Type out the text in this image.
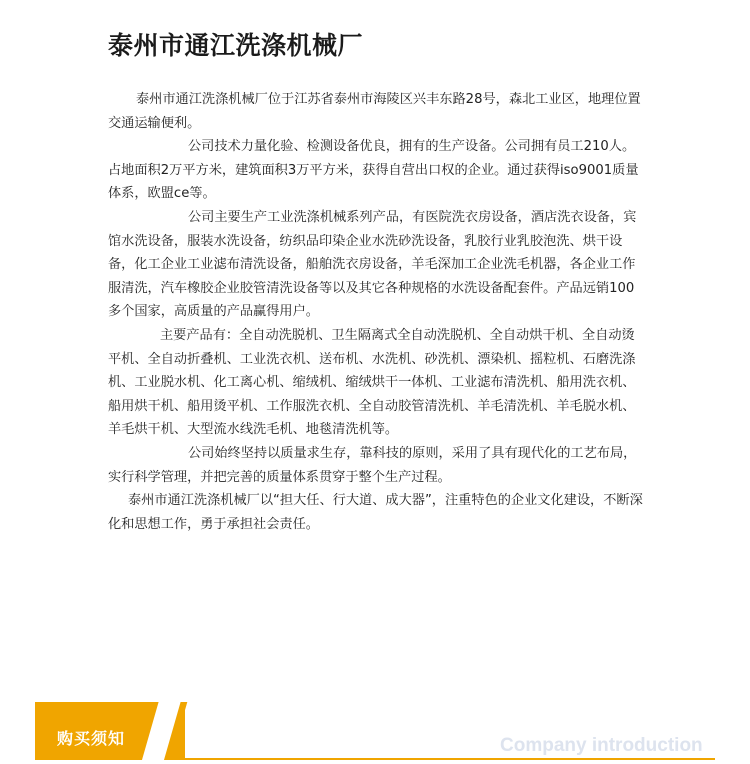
泰州市通江洗涤机械厂

泰州市通江洗涤机械厂位于江苏省泰州市海陵区兴丰东路28号，森北工业区，地理位置交通运输便利。

公司技术力量化验、检测设备优良，拥有的生产设备。公司拥有员工210人。占地面积2万平方米，建筑面积3万平方米，获得自营出口权的企业。通过获得iso9001质量体系，欧盟ce等。

公司主要生产工业洗涤机械系列产品，有医院洗衣房设备，酒店洗衣设备，宾馆水洗设备，服装水洗设备，纺织品印染企业水洗砂洗设备，乳胶行业乳胶泡洗、烘干设备，化工企业工业滤布清洗设备，船舶洗衣房设备，羊毛深加工企业洗毛机器，各企业工作服清洗，汽车橡胶企业胶管清洗设备等以及其它各种规格的水洗设备配套件。产品远销100多个国家，高质量的产品赢得用户。

主要产品有：全自动洗脱机、卫生隔离式全自动洗脱机、全自动烘干机、全自动烫平机、全自动折叠机、工业洗衣机、送布机、水洗机、砂洗机、漂染机、摇粒机、石磨洗涤机、工业脱水机、化工离心机、缩绒机、缩绒烘干一体机、工业滤布清洗机、船用洗衣机、船用烘干机、船用烫平机、工作服洗衣机、全自动胶管清洗机、羊毛清洗机、羊毛脱水机、羊毛烘干机、大型流水线洗毛机、地毯清洗机等。

公司始终坚持以质量求生存，靠科技的原则，采用了具有现代化的工艺布局，实行科学管理，并把完善的质量体系贯穿于整个生产过程。

泰州市通江洗涤机械厂以“担大任、行大道、成大器”，注重特色的企业文化建设，不断深化和思想工作，勇于承担社会责任。

购买须知	Company introduction
